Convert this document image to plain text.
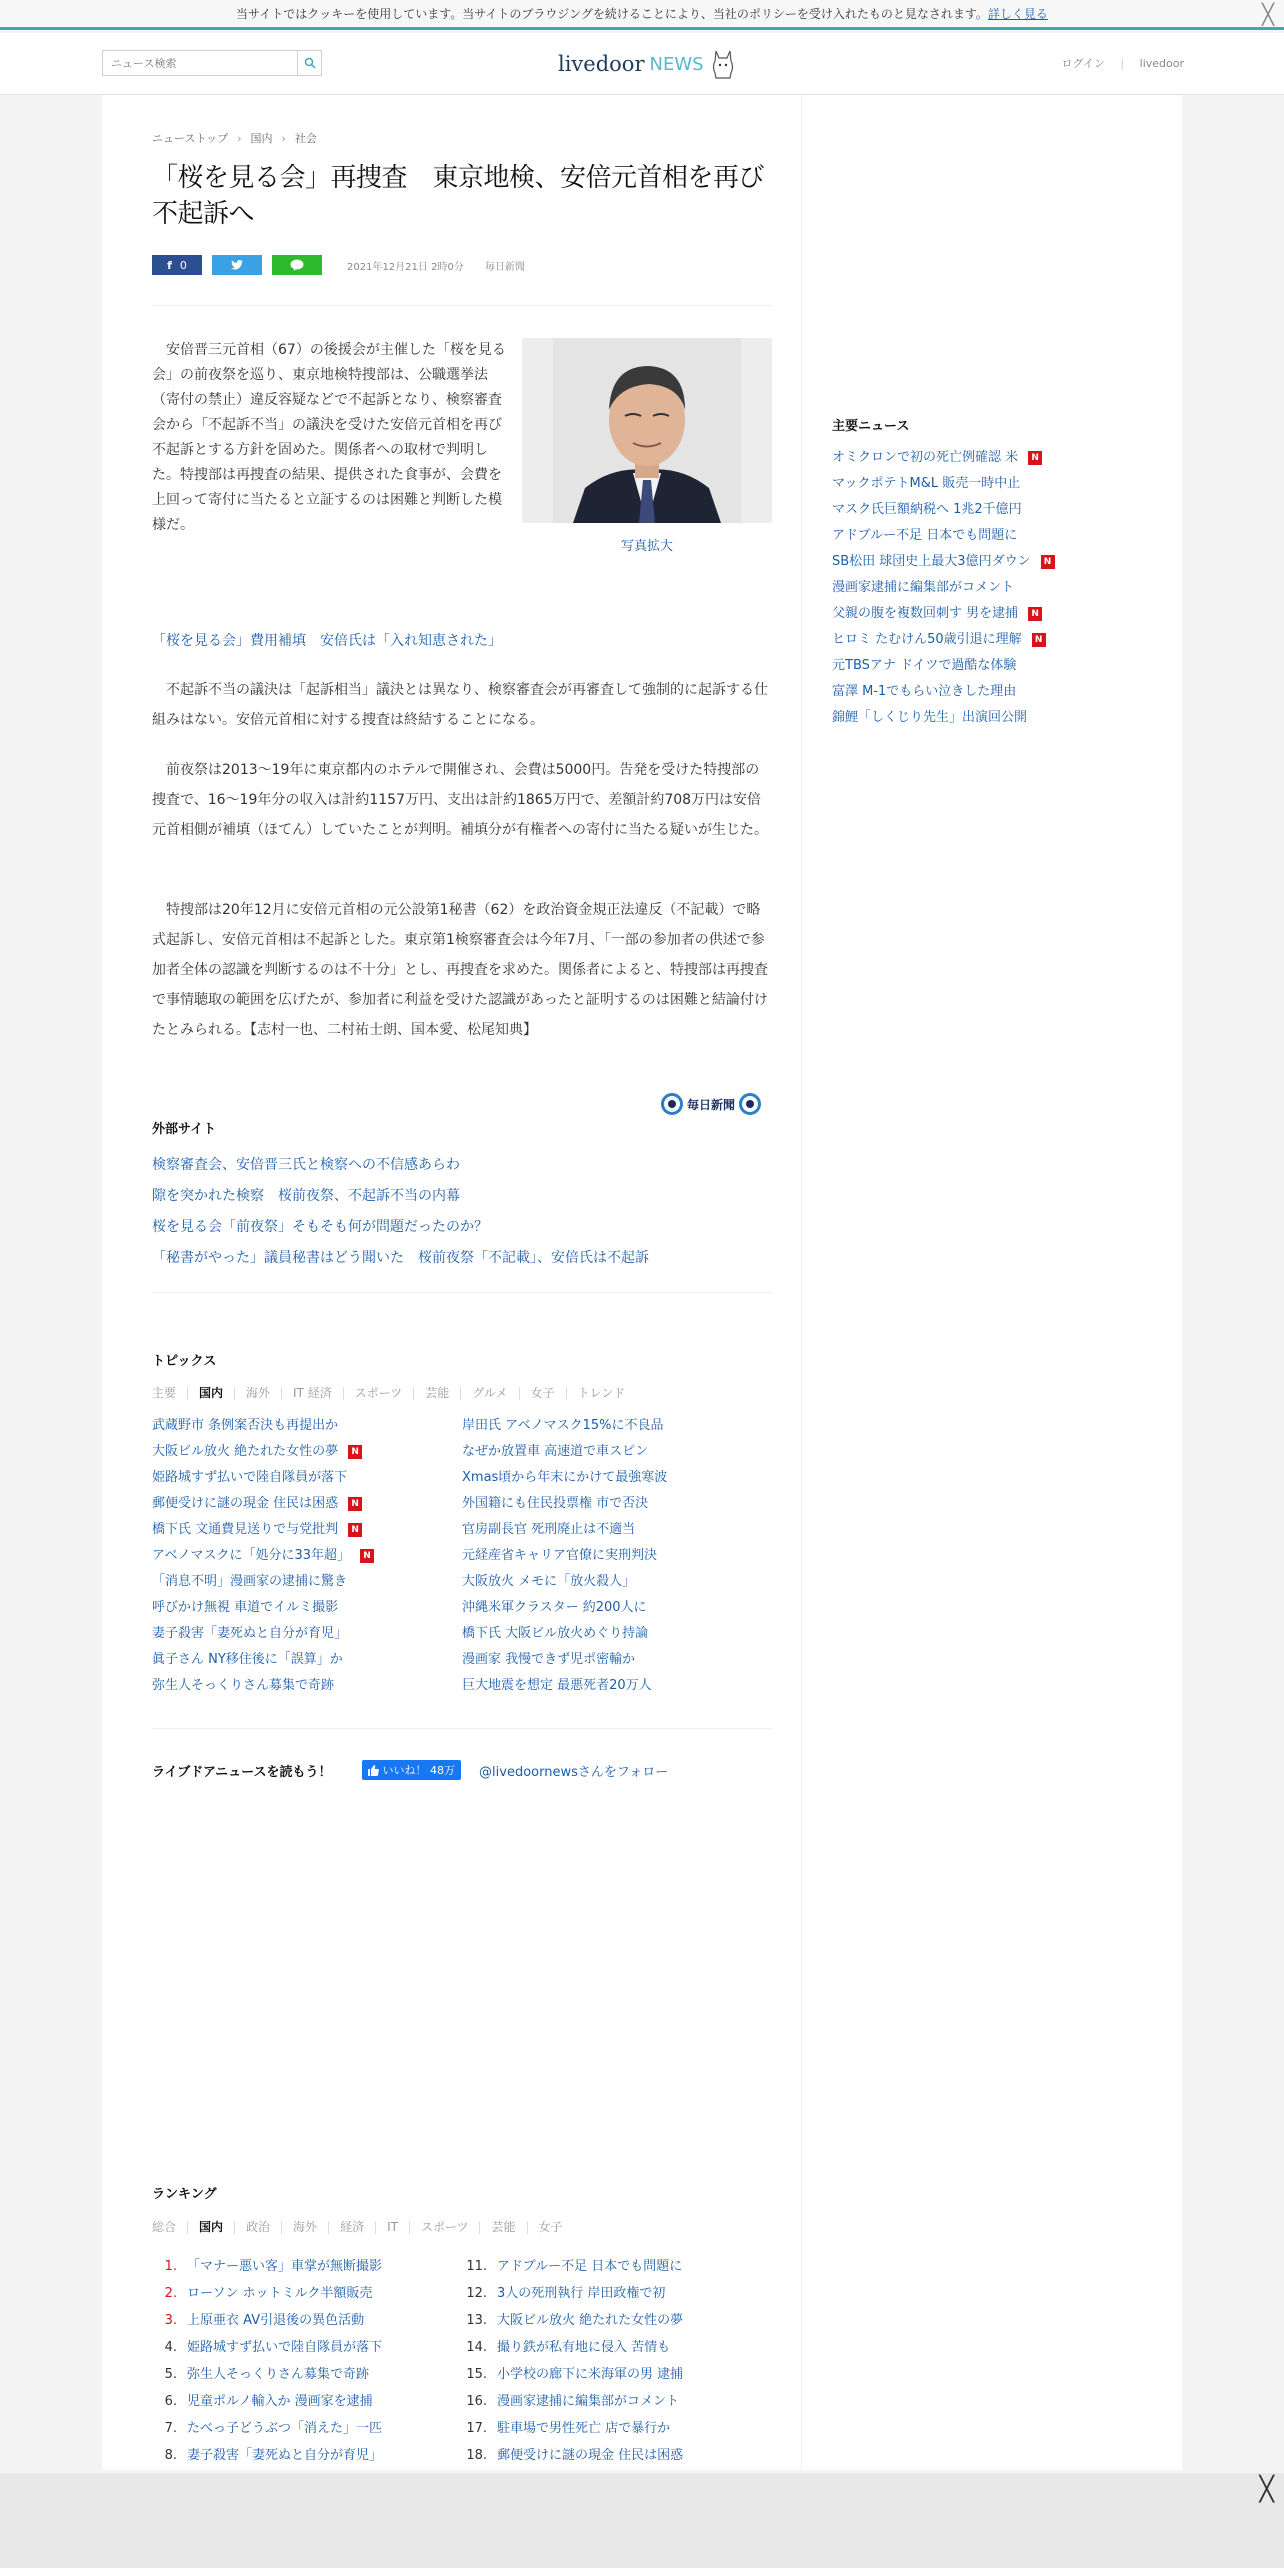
当サイトではクッキーを使用しています。当サイトのブラウジングを続けることにより、当社のポリシーを受け入れたものと見なされます。詳しく見る	╳
ニュース検索
livedoor NEWS	ログイン | livedoor
ニューストップ › 国内 › 社会
「桜を見る会」再捜査　東京地検、安倍元首相を再び不起訴へ
f 0	2021年12月21日 2時0分 毎日新聞

安倍晋三元首相（67）の後援会が主催した「桜を見る会」の前夜祭を巡り、東京地検特捜部は、公職選挙法（寄付の禁止）違反容疑などで不起訴となり、検察審査会から「不起訴不当」の議決を受けた安倍元首相を再び不起訴とする方針を固めた。関係者への取材で判明した。特捜部は再捜査の結果、提供された食事が、会費を上回って寄付に当たると立証するのは困難と判断した模様だ。

写真拡大
「桜を見る会」費用補填　安倍氏は「入れ知恵された」

不起訴不当の議決は「起訴相当」議決とは異なり、検察審査会が再審査して強制的に起訴する仕組みはない。安倍元首相に対する捜査は終結することになる。

前夜祭は2013～19年に東京都内のホテルで開催され、会費は5000円。告発を受けた特捜部の捜査で、16～19年分の収入は計約1157万円、支出は計約1865万円で、差額計約708万円は安倍元首相側が補填（ほてん）していたことが判明。補填分が有権者への寄付に当たる疑いが生じた。

特捜部は20年12月に安倍元首相の元公設第1秘書（62）を政治資金規正法違反（不記載）で略式起訴し、安倍元首相は不起訴とした。東京第1検察審査会は今年7月、「一部の参加者の供述で参加者全体の認識を判断するのは不十分」とし、再捜査を求めた。関係者によると、特捜部は再捜査で事情聴取の範囲を広げたが、参加者に利益を受けた認識があったと証明するのは困難と結論付けたとみられる。【志村一也、二村祐士朗、国本愛、松尾知典】

毎日新聞
外部サイト
検察審査会、安倍晋三氏と検察への不信感あらわ
隙を突かれた検察　桜前夜祭、不起訴不当の内幕
桜を見る会「前夜祭」そもそも何が問題だったのか？
「秘書がやった」議員秘書はどう聞いた　桜前夜祭「不記載」、安倍氏は不起訴
トピックス
主要	国内	海外	IT 経済	スポーツ	芸能	グルメ	女子	トレンド
武蔵野市 条例案否決も再提出か
大阪ビル放火 絶たれた女性の夢	N
姫路城すず払いで陸自隊員が落下
郵便受けに謎の現金 住民は困惑	N
橋下氏 文通費見送りで与党批判	N
アベノマスクに「処分に33年超」	N
「消息不明」漫画家の逮捕に驚き
呼びかけ無視 車道でイルミ撮影
妻子殺害「妻死ぬと自分が育児」
眞子さん NY移住後に「誤算」か
弥生人そっくりさん募集で奇跡
岸田氏 アベノマスク15%に不良品
なぜか放置車 高速道で車スピン
Xmas頃から年末にかけて最強寒波
外国籍にも住民投票権 市で否決
官房副長官 死刑廃止は不適当
元経産省キャリア官僚に実刑判決
大阪放火 メモに「放火殺人」
沖縄米軍クラスター 約200人に
橋下氏 大阪ビル放火めぐり持論
漫画家 我慢できず児ポ密輸か
巨大地震を想定 最悪死者20万人
ライブドアニュースを読もう！	いいね！ 48万 @livedoornewsさんをフォロー
ランキング
総合	国内	政治	海外	経済	IT	スポーツ	芸能	女子
1. 「マナー悪い客」車掌が無断撮影
2. ローソン ホットミルク半額販売
3. 上原亜衣 AV引退後の異色活動
4. 姫路城すず払いで陸自隊員が落下
5. 弥生人そっくりさん募集で奇跡
6. 児童ポルノ輸入か 漫画家を逮捕
7. たべっ子どうぶつ「消えた」一匹
8. 妻子殺害「妻死ぬと自分が育児」
11. アドブルー不足 日本でも問題に
12. 3人の死刑執行 岸田政権で初
13. 大阪ビル放火 絶たれた女性の夢
14. 撮り鉄が私有地に侵入 苦情も
15. 小学校の廊下に米海軍の男 逮捕
16. 漫画家逮捕に編集部がコメント
17. 駐車場で男性死亡 店で暴行か
18. 郵便受けに謎の現金 住民は困惑
主要ニュース
オミクロンで初の死亡例確認 米	N
マックポテトM&L 販売一時中止
マスク氏巨額納税へ 1兆2千億円
アドブルー不足 日本でも問題に
SB松田 球団史上最大3億円ダウン	N
漫画家逮捕に編集部がコメント
父親の腹を複数回刺す 男を逮捕	N
ヒロミ たむけん50歳引退に理解	N
元TBSアナ ドイツで過酷な体験
富澤 M-1でもらい泣きした理由
錦鯉「しくじり先生」出演回公開
╳
